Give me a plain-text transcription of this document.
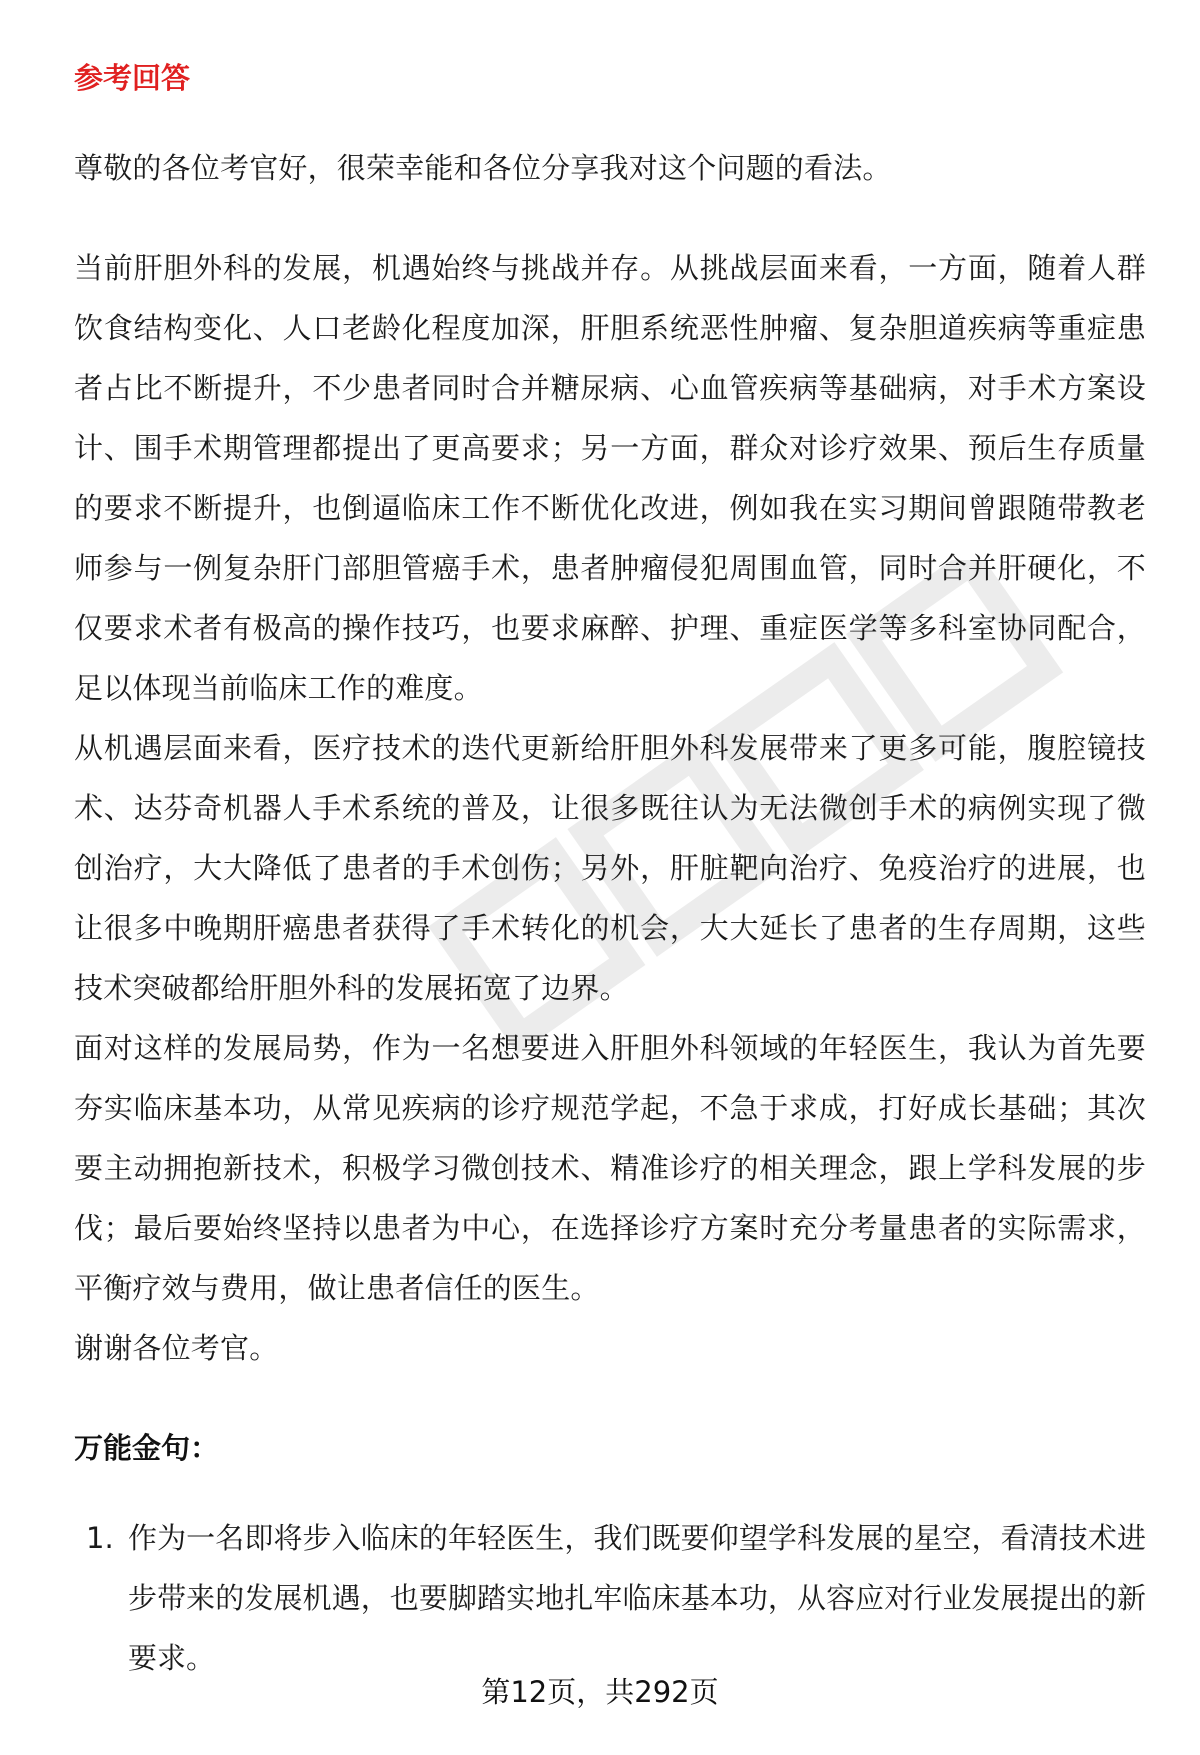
参考回答

尊敬的各位考官好，很荣幸能和各位分享我对这个问题的看法。

当前肝胆外科的发展，机遇始终与挑战并存。从挑战层面来看，一方面，随着人群饮食结构变化、人口老龄化程度加深，肝胆系统恶性肿瘤、复杂胆道疾病等重症患者占比不断提升，不少患者同时合并糖尿病、心血管疾病等基础病，对手术方案设计、围手术期管理都提出了更高要求；另一方面，群众对诊疗效果、预后生存质量的要求不断提升，也倒逼临床工作不断优化改进，例如我在实习期间曾跟随带教老师参与一例复杂肝门部胆管癌手术，患者肿瘤侵犯周围血管，同时合并肝硬化，不仅要求术者有极高的操作技巧，也要求麻醉、护理、重症医学等多科室协同配合，足以体现当前临床工作的难度。

从机遇层面来看，医疗技术的迭代更新给肝胆外科发展带来了更多可能，腹腔镜技术、达芬奇机器人手术系统的普及，让很多既往认为无法微创手术的病例实现了微创治疗，大大降低了患者的手术创伤；另外，肝脏靶向治疗、免疫治疗的进展，也让很多中晚期肝癌患者获得了手术转化的机会，大大延长了患者的生存周期，这些技术突破都给肝胆外科的发展拓宽了边界。

面对这样的发展局势，作为一名想要进入肝胆外科领域的年轻医生，我认为首先要夯实临床基本功，从常见疾病的诊疗规范学起，不急于求成，打好成长基础；其次要主动拥抱新技术，积极学习微创技术、精准诊疗的相关理念，跟上学科发展的步伐；最后要始终坚持以患者为中心，在选择诊疗方案时充分考量患者的实际需求，平衡疗效与费用，做让患者信任的医生。

谢谢各位考官。

万能金句：
1. 作为一名即将步入临床的年轻医生，我们既要仰望学科发展的星空，看清技术进步带来的发展机遇，也要脚踏实地扎牢临床基本功，从容应对行业发展提出的新要求。
第12页，共292页
